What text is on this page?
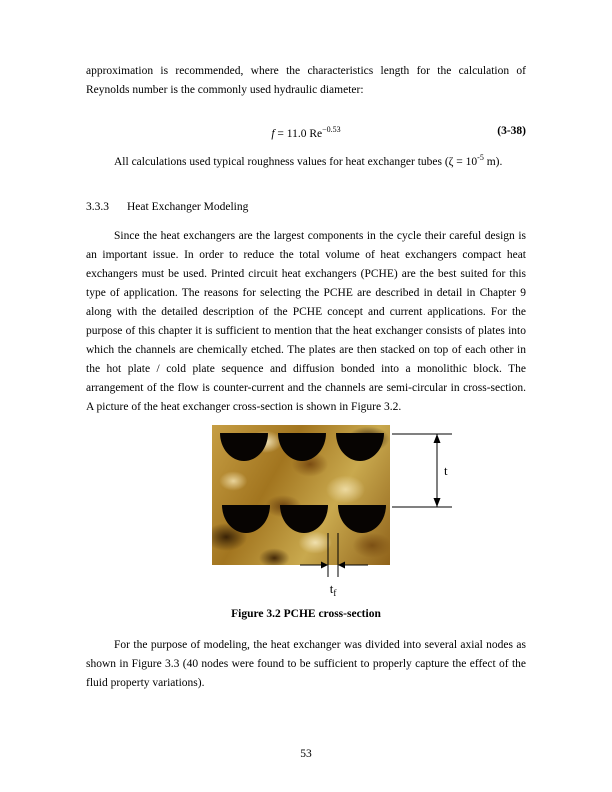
approximation is recommended, where the characteristics length for the calculation of Reynolds number is the commonly used hydraulic diameter:

f = 11.0 $Re^{-0.53}$	(3-38)

All calculations used typical roughness values for heat exchanger tubes ($\zeta = 10^{-5}$ m).

3.3.3 Heat Exchanger Modeling

Since the heat exchangers are the largest components in the cycle their careful design is an important issue. In order to reduce the total volume of heat exchangers compact heat exchangers must be used. Printed circuit heat exchangers (PCHE) are the best suited for this type of application. The reasons for selecting the PCHE are described in detail in Chapter 9 along with the detailed description of the PCHE concept and current applications. For the purpose of this chapter it is sufficient to mention that the heat exchanger consists of plates into which the channels are chemically etched. The plates are then stacked on top of each other in the hot plate / cold plate sequence and diffusion bonded into a monolithic block. The arrangement of the flow is counter-current and the channels are semi-circular in cross-section. A picture of the heat exchanger cross-section is shown in Figure 3.2.

t
$t_f$

Figure 3.2 PCHE cross-section

For the purpose of modeling, the heat exchanger was divided into several axial nodes as shown in Figure 3.3 (40 nodes were found to be sufficient to properly capture the effect of the fluid property variations).

53
